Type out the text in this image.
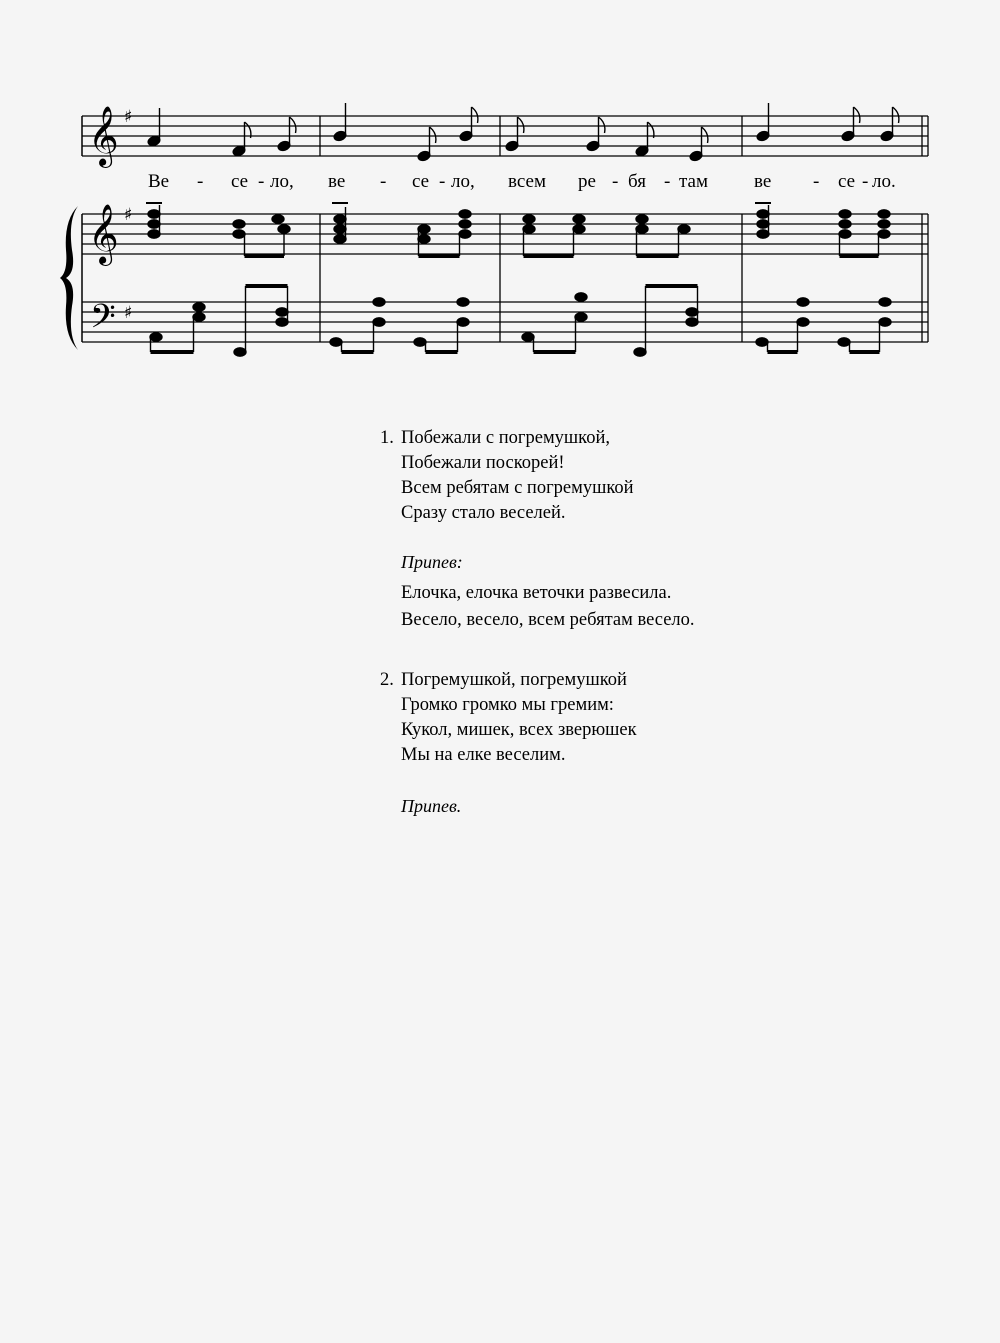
𝄞
𝄞
𝄢
♯
♯
♯
Ве - се - ло, ве - се - ло, всем ре - бя - там ве - се - ло.
1. Побежали с погремушкой,
Побежали поскорей!
Всем ребятам с погремушкой
Сразу стало веселей.
Припев:
Елочка, елочка веточки развесила.
Весело, весело, всем ребятам весело.
2. Погремушкой, погремушкой
Громко громко мы гремим:
Кукол, мишек, всех зверюшек
Мы на елке веселим.
Припев.
